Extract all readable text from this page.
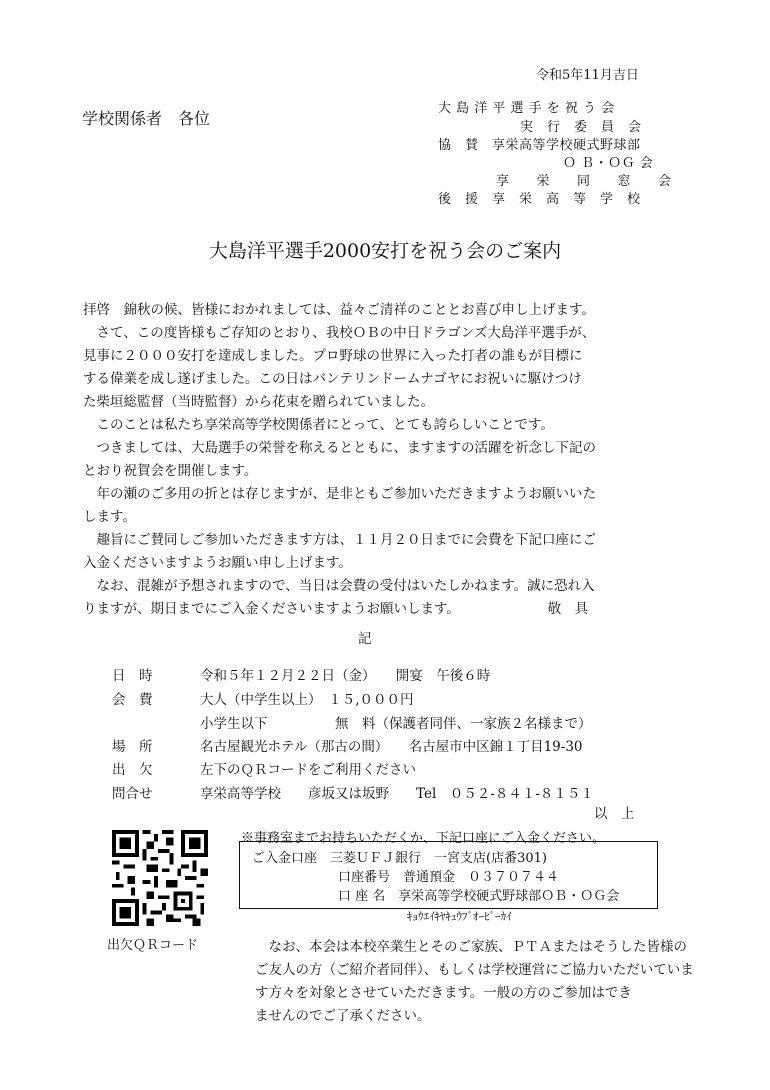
令和5年11月吉日
学校関係者　各位
大 島 洋 平 選 手 を 祝 う 会
実　行　委　員　会
協　賛　享栄高等学校硬式野球部
Ｏ Ｂ・ＯＧ 会
享　　栄　　同　　窓　　会
後　援　享　栄　高　等　学　校
大島洋平選手2000安打を祝う会のご案内

拝啓　錦秋の候、皆様におかれましては、益々ご清祥のこととお喜び申し上げます。

　さて、この度皆様もご存知のとおり、我校ＯＢの中日ドラゴンズ大島洋平選手が、

見事に２０００安打を達成しました。プロ野球の世界に入った打者の誰もが目標に

する偉業を成し遂げました。この日はバンテリンドームナゴヤにお祝いに駆けつけ

た柴垣総監督（当時監督）から花束を贈られていました。

　このことは私たち享栄高等学校関係者にとって、とても誇らしいことです。

　つきましては、大島選手の栄誉を称えるとともに、ますますの活躍を祈念し下記の

とおり祝賀会を開催します。

　年の瀬のご多用の折とは存じますが、是非ともご参加いただきますようお願いいた

します。

　趣旨にご賛同しご参加いただきます方は、１１月２０日までに会費を下記口座にご

入金くださいますようお願い申し上げます。

　なお、混雑が予想されますので、当日は会費の受付はいたしかねます。誠に恐れ入

りますが、期日までにご入金くださいますようお願いします。　　　　　　　敬　具

記
日　時	令和５年１２月２２日（金）　　開宴　午後６時
会　費	大人（中学生以上）　１５,０００円
小学生以下　　　　　無　料（保護者同伴、一家族２名様まで）
場　所	名古屋観光ホテル（那古の間）　　名古屋市中区錦１丁目19-30
出　欠	左下のＱＲコードをご利用ください
問合せ	享栄高等学校　　彦坂又は坂野　　Tel　０５２-８４１-８１５１
以　上
出欠ＱＲコード
※事務室までお持ちいただくか、下記口座にご入金ください。
ご入金口座　三菱ＵＦＪ銀行　一宮支店(店番301)
口座番号　普通預金　０３７０７４４
口 座 名　享栄高等学校硬式野球部ＯＢ・ＯＧ会
ｷｮｳｴｲｷﾔｷｭｳﾌﾞｵｰﾋﾞｰｶｲ

　なお、本会は本校卒業生とそのご家族、ＰＴＡまたはそうした皆様の

ご友人の方（ご紹介者同伴）、もしくは学校運営にご協力いただいていま

す方々を対象とさせていただきます。一般の方のご参加はでき

ませんのでご了承ください。
